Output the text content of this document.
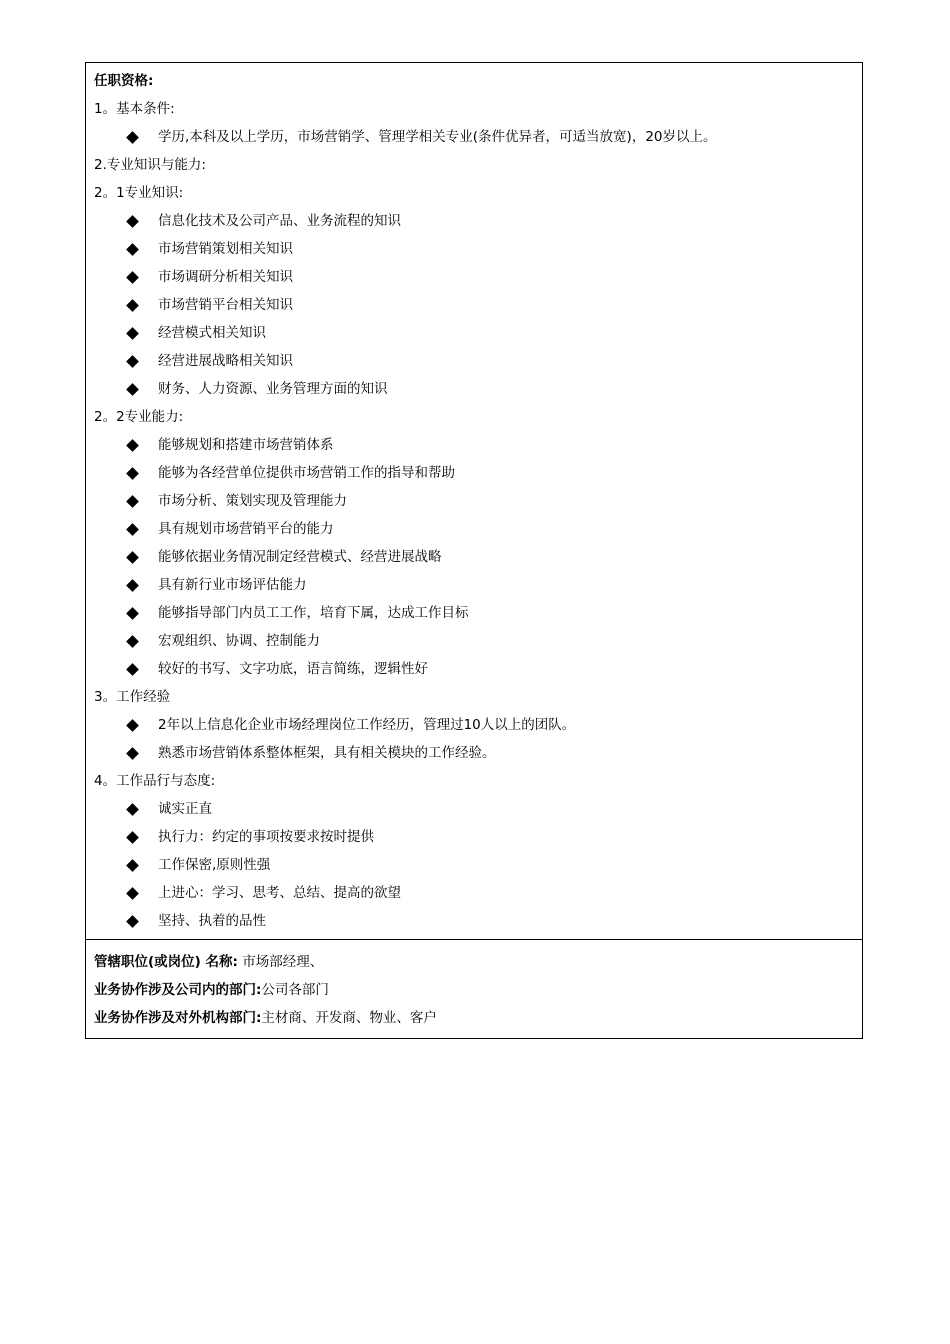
任职资格:
1。基本条件:
学历,本科及以上学历，市场营销学、管理学相关专业(条件优异者，可适当放宽)，20岁以上。
2.专业知识与能力:
2。1专业知识:
信息化技术及公司产品、业务流程的知识
市场营销策划相关知识
市场调研分析相关知识
市场营销平台相关知识
经营模式相关知识
经营进展战略相关知识
财务、人力资源、业务管理方面的知识
2。2专业能力:
能够规划和搭建市场营销体系
能够为各经营单位提供市场营销工作的指导和帮助
市场分析、策划实现及管理能力
具有规划市场营销平台的能力
能够依据业务情况制定经营模式、经营进展战略
具有新行业市场评估能力
能够指导部门内员工工作，培育下属，达成工作目标
宏观组织、协调、控制能力
较好的书写、文字功底，语言简练，逻辑性好
3。工作经验
2年以上信息化企业市场经理岗位工作经历，管理过10人以上的团队。
熟悉市场营销体系整体框架，具有相关模块的工作经验。
4。工作品行与态度:
诚实正直
执行力：约定的事项按要求按时提供
工作保密,原则性强
上进心：学习、思考、总结、提高的欲望
坚持、执着的品性
管辖职位(或岗位) 名称: 市场部经理、
业务协作涉及公司内的部门:公司各部门
业务协作涉及对外机构部门:主材商、开发商、物业、客户
